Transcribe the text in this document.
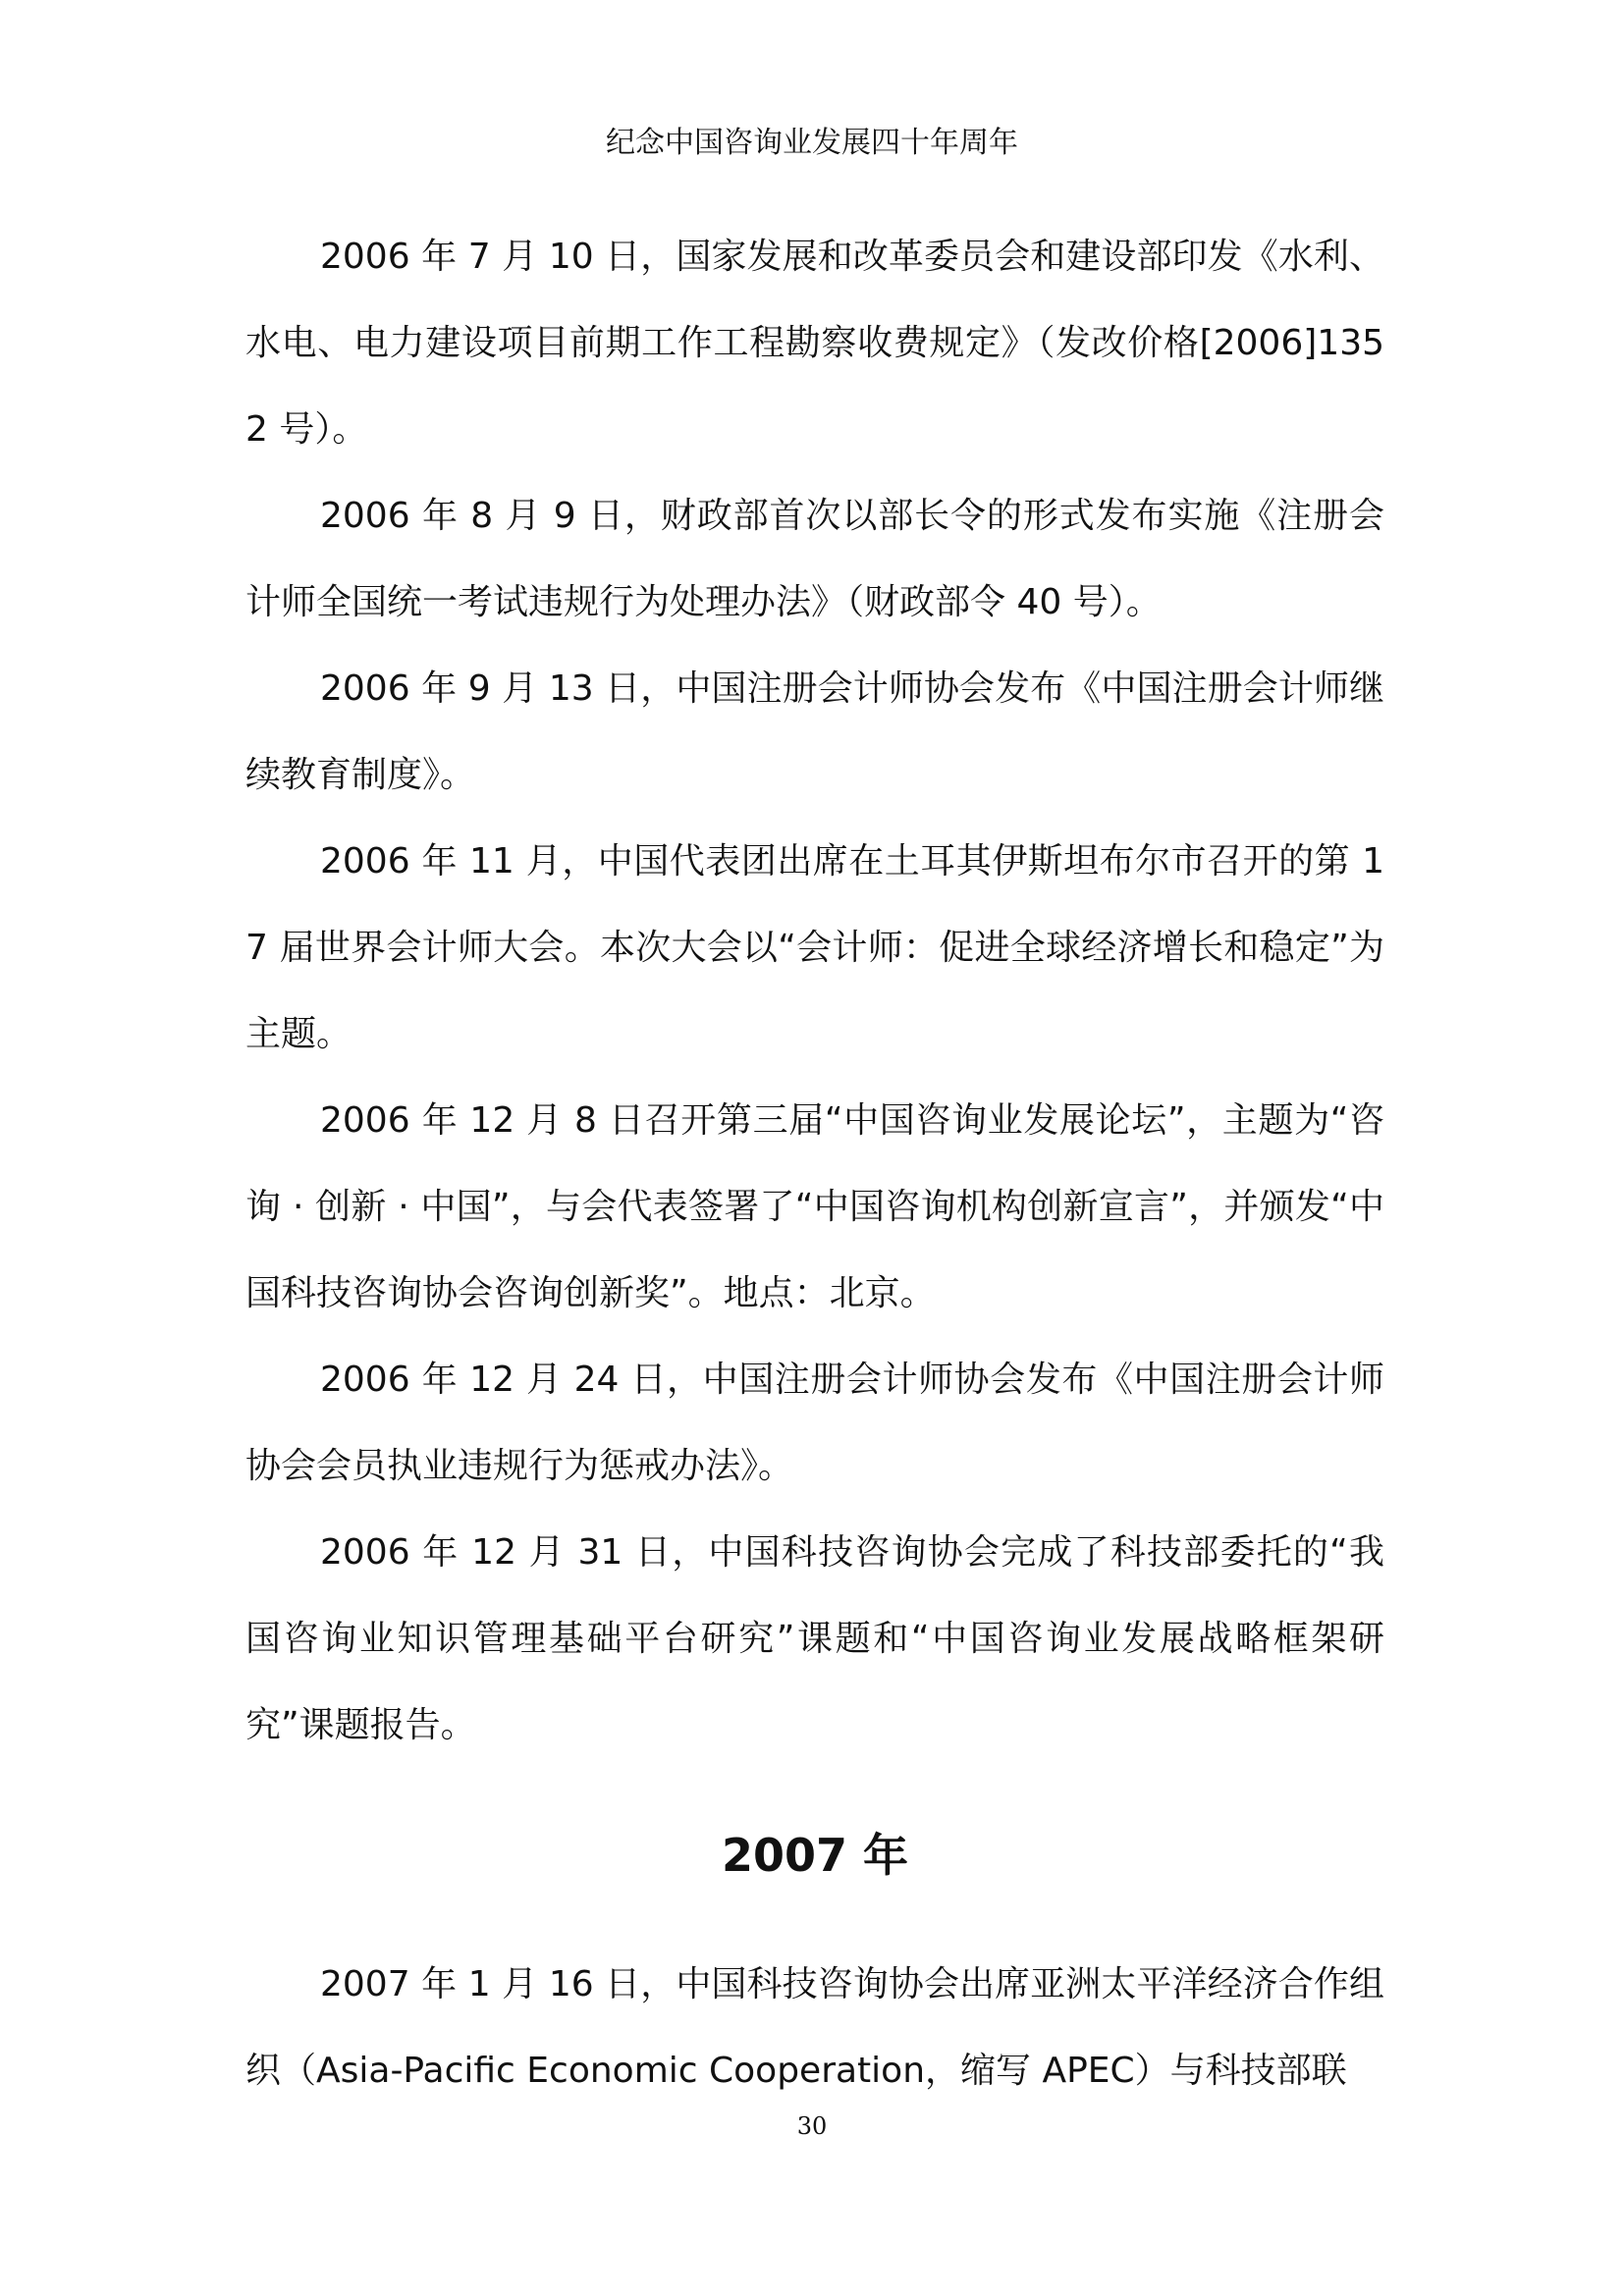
纪念中国咨询业发展四十年周年

2006 年 7 月 10 日，国家发展和改革委员会和建设部印发《水利、水电、电力建设项目前期工作工程勘察收费规定》（发改价格[2006]1352 号）。

2006 年 8 月 9 日，财政部首次以部长令的形式发布实施《注册会计师全国统一考试违规行为处理办法》（财政部令 40 号）。

2006 年 9 月 13 日，中国注册会计师协会发布《中国注册会计师继续教育制度》。

2006 年 11 月，中国代表团出席在土耳其伊斯坦布尔市召开的第 17 届世界会计师大会。本次大会以“会计师：促进全球经济增长和稳定”为主题。

2006 年 12 月 8 日召开第三届“中国咨询业发展论坛”，主题为“咨询 · 创新 · 中国”，与会代表签署了“中国咨询机构创新宣言”，并颁发“中国科技咨询协会咨询创新奖”。地点：北京。

2006 年 12 月 24 日，中国注册会计师协会发布《中国注册会计师协会会员执业违规行为惩戒办法》。

2006 年 12 月 31 日，中国科技咨询协会完成了科技部委托的“我国咨询业知识管理基础平台研究”课题和“中国咨询业发展战略框架研究”课题报告。

2007 年

2007 年 1 月 16 日，中国科技咨询协会出席亚洲太平洋经济合作组织（Asia-Pacific Economic Cooperation，缩写 APEC）与科技部联

30
